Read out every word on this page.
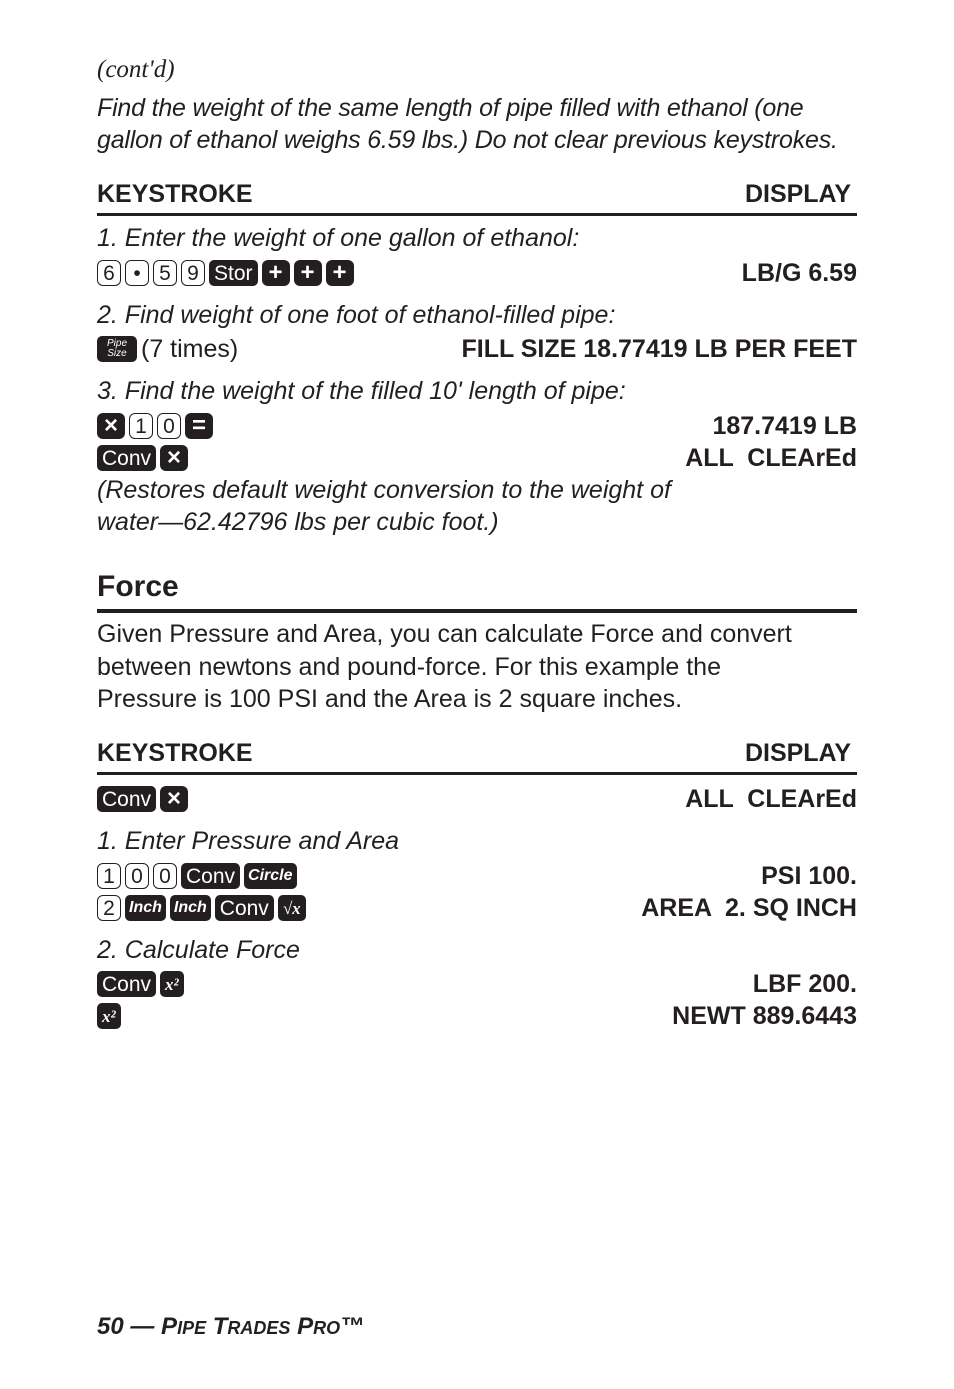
(cont'd)
Find the weight of the same length of pipe filled with ethanol (one
gallon of ethanol weighs 6.59 lbs.) Do not clear previous keystrokes.
KEYSTROKE	DISPLAY
1. Enter the weight of one gallon of ethanol:
6 • 5 9 Stor + + +	LB/G 6.59
2. Find weight of one foot of ethanol-filled pipe:
Pipe
Size (7 times)	FILL SIZE 18.77419 LB PER FEET
3. Find the weight of the filled 10' length of pipe:
× 1 0 =	187.7419 LB
Conv ×	ALL  CLEArEd
(Restores default weight conversion to the weight of
water—62.42796 lbs per cubic foot.)
Force
Given Pressure and Area, you can calculate Force and convert
between newtons and pound-force. For this example the
Pressure is 100 PSI and the Area is 2 square inches.
KEYSTROKE	DISPLAY
Conv ×	ALL  CLEArEd
1. Enter Pressure and Area
1 0 0 Conv Circle	PSI 100.
2 Inch Inch Conv √x	AREA  2. SQ INCH
2. Calculate Force
Conv x²	LBF 200.
x²	NEWT 889.6443
50 — PIPE TRADES PRO™
